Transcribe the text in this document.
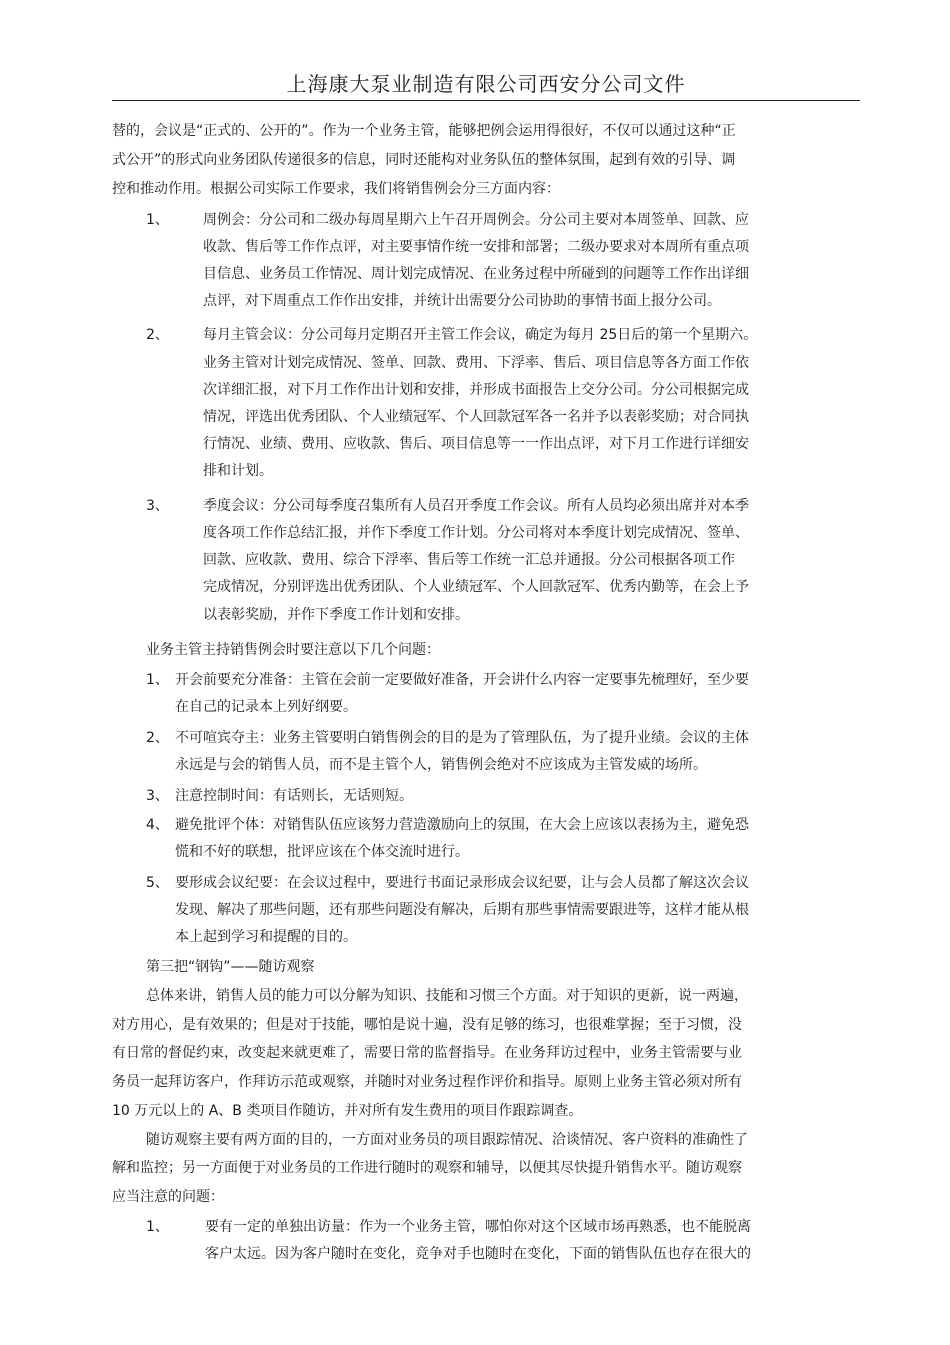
上海康大泵业制造有限公司西安分公司文件

替的，会议是“正式的、公开的”。作为一个业务主管，能够把例会运用得很好，不仅可以通过这种“正

式公开”的形式向业务团队传递很多的信息，同时还能构对业务队伍的整体氛围，起到有效的引导、调

控和推动作用。根据公司实际工作要求，我们将销售例会分三方面内容：

1、 周例会：分公司和二级办每周星期六上午召开周例会。分公司主要对本周签单、回款、应

收款、售后等工作作点评，对主要事情作统一安排和部署；二级办要求对本周所有重点项

目信息、业务员工作情况、周计划完成情况、在业务过程中所碰到的问题等工作作出详细

点评，对下周重点工作作出安排，并统计出需要分公司协助的事情书面上报分公司。

2、 每月主管会议：分公司每月定期召开主管工作会议，确定为每月 25日后的第一个星期六。

业务主管对计划完成情况、签单、回款、费用、下浮率、售后、项目信息等各方面工作依

次详细汇报，对下月工作作出计划和安排，并形成书面报告上交分公司。分公司根据完成

情况，评选出优秀团队、个人业绩冠军、个人回款冠军各一名并予以表彰奖励；对合同执

行情况、业绩、费用、应收款、售后、项目信息等一一作出点评，对下月工作进行详细安

排和计划。

3、 季度会议：分公司每季度召集所有人员召开季度工作会议。所有人员均必须出席并对本季

度各项工作作总结汇报，并作下季度工作计划。分公司将对本季度计划完成情况、签单、

回款、应收款、费用、综合下浮率、售后等工作统一汇总并通报。分公司根据各项工作

完成情况，分别评选出优秀团队、个人业绩冠军、个人回款冠军、优秀内勤等，在会上予

以表彰奖励，并作下季度工作计划和安排。

业务主管主持销售例会时要注意以下几个问题：

1、 开会前要充分准备：主管在会前一定要做好准备，开会讲什么内容一定要事先梳理好，至少要

在自己的记录本上列好纲要。

2、 不可喧宾夺主：业务主管要明白销售例会的目的是为了管理队伍，为了提升业绩。会议的主体

永远是与会的销售人员，而不是主管个人，销售例会绝对不应该成为主管发威的场所。

3、 注意控制时间：有话则长，无话则短。

4、 避免批评个体：对销售队伍应该努力营造激励向上的氛围，在大会上应该以表扬为主，避免恐

慌和不好的联想，批评应该在个体交流时进行。

5、 要形成会议纪要：在会议过程中，要进行书面记录形成会议纪要，让与会人员都了解这次会议

发现、解决了那些问题，还有那些问题没有解决，后期有那些事情需要跟进等，这样才能从根

本上起到学习和提醒的目的。

第三把“钢钩”——随访观察

总体来讲，销售人员的能力可以分解为知识、技能和习惯三个方面。对于知识的更新，说一两遍，

对方用心，是有效果的；但是对于技能，哪怕是说十遍，没有足够的练习，也很难掌握；至于习惯，没

有日常的督促约束，改变起来就更难了，需要日常的监督指导。在业务拜访过程中，业务主管需要与业

务员一起拜访客户，作拜访示范或观察，并随时对业务过程作评价和指导。原则上业务主管必须对所有

10 万元以上的 A、B 类项目作随访，并对所有发生费用的项目作跟踪调查。

随访观察主要有两方面的目的，一方面对业务员的项目跟踪情况、洽谈情况、客户资料的准确性了

解和监控；另一方面便于对业务员的工作进行随时的观察和辅导，以便其尽快提升销售水平。随访观察

应当注意的问题：

1、	要有一定的单独出访量：作为一个业务主管，哪怕你对这个区域市场再熟悉，也不能脱离

客户太远。因为客户随时在变化，竞争对手也随时在变化，下面的销售队伍也存在很大的
